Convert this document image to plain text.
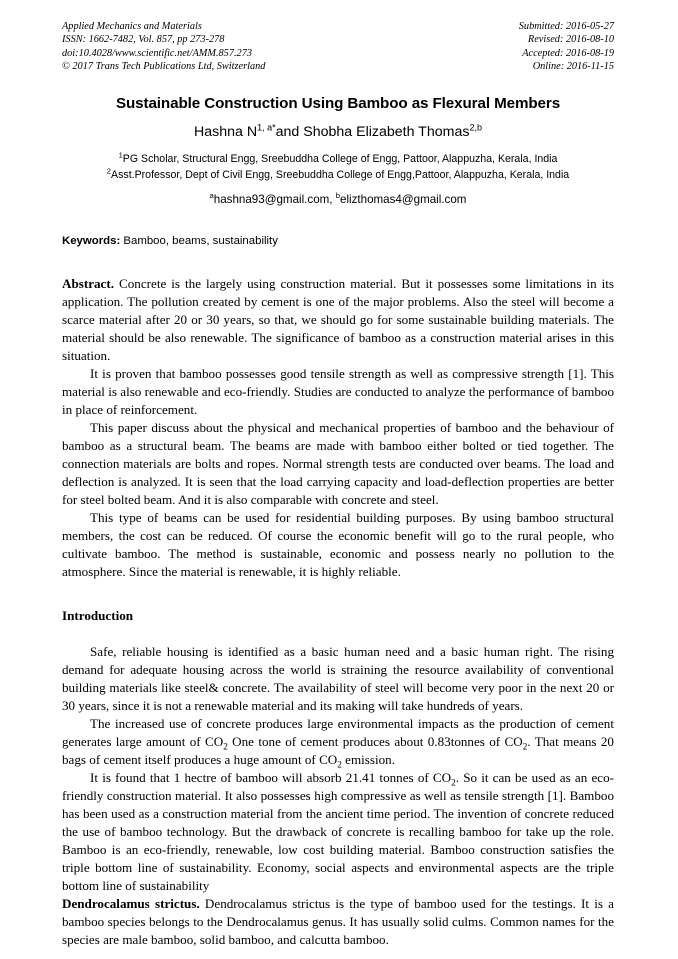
Applied Mechanics and Materials
ISSN: 1662-7482, Vol. 857, pp 273-278
doi:10.4028/www.scientific.net/AMM.857.273
© 2017 Trans Tech Publications Ltd, Switzerland
Submitted: 2016-05-27
Revised: 2016-08-10
Accepted: 2016-08-19
Online: 2016-11-15
Sustainable Construction Using Bamboo as Flexural Members
Hashna $N^{1, a*}and$ Shobha Elizabeth Thomas$^{2,b}$
$^1$PG Scholar, Structural Engg, Sreebuddha College of Engg, Pattoor, Alappuzha, Kerala, India
$^2$Asst.Professor, Dept of Civil Engg, Sreebuddha College of Engg,Pattoor, Alappuzha, Kerala, India
$^a$hashna93@gmail.com, $^b$elizthomas4@gmail.com
Keywords: Bamboo, beams, sustainability

Abstract. Concrete is the largely using construction material. But it possesses some limitations in its application. The pollution created by cement is one of the major problems. Also the steel will become a scarce material after 20 or 30 years, so that, we should go for some sustainable building materials. The material should be also renewable. The significance of bamboo as a construction material arises in this situation.

It is proven that bamboo possesses good tensile strength as well as compressive strength [1]. This material is also renewable and eco-friendly. Studies are conducted to analyze the performance of bamboo in place of reinforcement.

This paper discuss about the physical and mechanical properties of bamboo and the behaviour of bamboo as a structural beam. The beams are made with bamboo either bolted or tied together. The connection materials are bolts and ropes. Normal strength tests are conducted over beams. The load and deflection is analyzed. It is seen that the load carrying capacity and load-deflection properties are better for steel bolted beam. And it is also comparable with concrete and steel.

This type of beams can be used for residential building purposes. By using bamboo structural members, the cost can be reduced. Of course the economic benefit will go to the rural people, who cultivate bamboo. The method is sustainable, economic and possess nearly no pollution to the atmosphere. Since the material is renewable, it is highly reliable.

Introduction

Safe, reliable housing is identified as a basic human need and a basic human right. The rising demand for adequate housing across the world is straining the resource availability of conventional building materials like steel& concrete. The availability of steel will become very poor in the next 20 or 30 years, since it is not a renewable material and its making will take hundreds of years.

The increased use of concrete produces large environmental impacts as the production of cement generates large amount of $CO_2$ One tone of cement produces about 0.83tonnes of $CO_2$. That means 20 bags of cement itself produces a huge amount of $CO_2$ emission.

It is found that 1 hectre of bamboo will absorb 21.41 tonnes of $CO_2$. So it can be used as an eco-friendly construction material. It also possesses high compressive as well as tensile strength [1]. Bamboo has been used as a construction material from the ancient time period. The invention of concrete reduced the use of bamboo technology. But the drawback of concrete is recalling bamboo for take up the role. Bamboo is an eco-friendly, renewable, low cost building material. Bamboo construction satisfies the triple bottom line of sustainability. Economy, social aspects and environmental aspects are the triple bottom line of sustainability

Dendrocalamus strictus. Dendrocalamus strictus is the type of bamboo used for the testings. It is a bamboo species belongs to the Dendrocalamus genus. It has usually solid culms. Common names for the species are male bamboo, solid bamboo, and calcutta bamboo.
